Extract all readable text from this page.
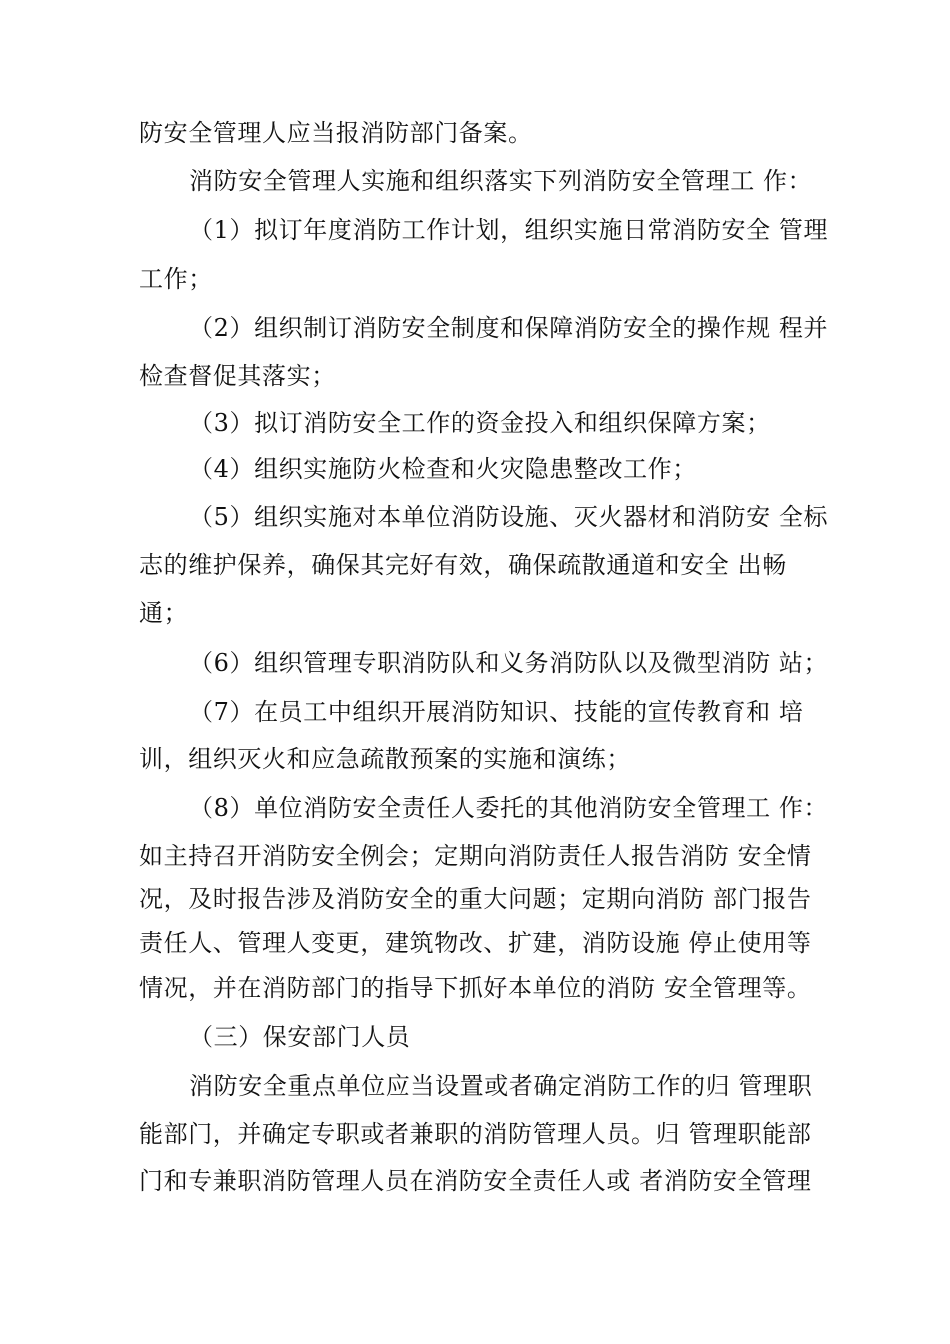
防安全管理人应当报消防部门备案。
消防安全管理人实施和组织落实下列消防安全管理工 作：
（1）拟订年度消防工作计划，组织实施日常消防安全 管理
工作；
（2）组织制订消防安全制度和保障消防安全的操作规 程并
检查督促其落实；
（3）拟订消防安全工作的资金投入和组织保障方案；
（4）组织实施防火检查和火灾隐患整改工作；
（5）组织实施对本单位消防设施、灭火器材和消防安 全标
志的维护保养，确保其完好有效，确保疏散通道和安全 出畅
通；
（6）组织管理专职消防队和义务消防队以及微型消防 站；
（7）在员工中组织开展消防知识、技能的宣传教育和 培
训，组织灭火和应急疏散预案的实施和演练；
（8）单位消防安全责任人委托的其他消防安全管理工 作：
如主持召开消防安全例会；定期向消防责任人报告消防 安全情
况，及时报告涉及消防安全的重大问题；定期向消防 部门报告
责任人、管理人变更，建筑物改、扩建，消防设施 停止使用等
情况，并在消防部门的指导下抓好本单位的消防 安全管理等。
（三）保安部门人员
消防安全重点单位应当设置或者确定消防工作的归 管理职
能部门，并确定专职或者兼职的消防管理人员。归 管理职能部
门和专兼职消防管理人员在消防安全责任人或 者消防安全管理
